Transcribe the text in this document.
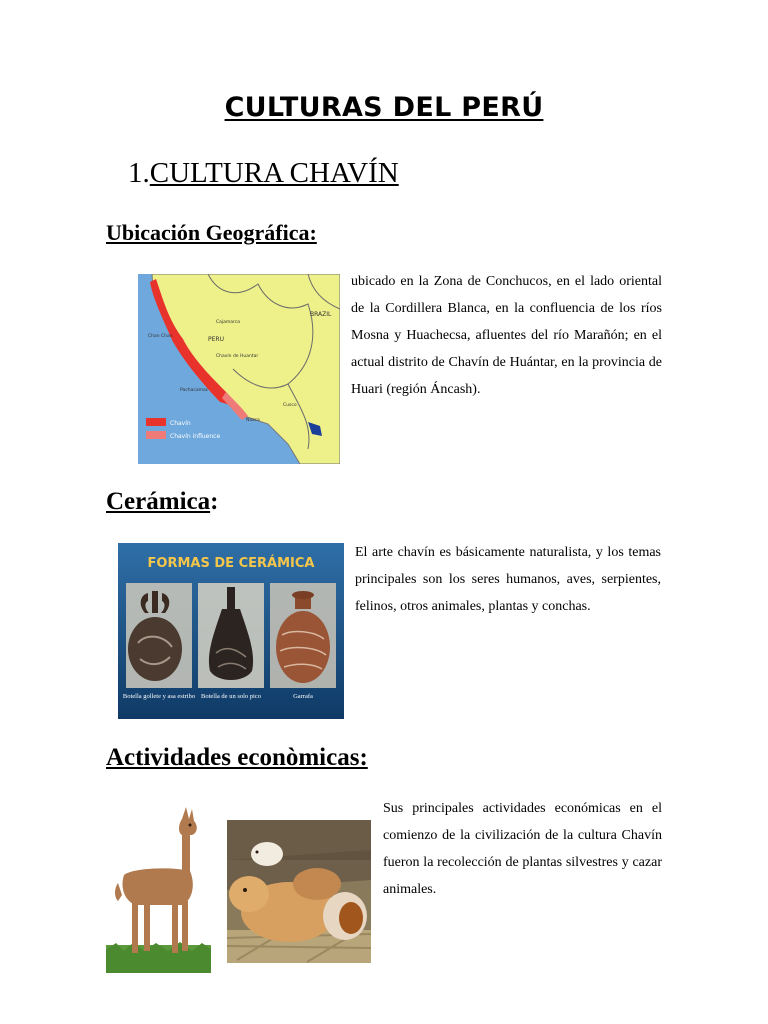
CULTURAS DEL PERÚ
1.CULTURA CHAVÍN
Ubicación Geográfica:
BRAZIL
PERU
Cajamarca
Chan Chan
Chavín de Huantar
Pachacamac
Nazca
Cusco
Chavín
Chavín influence
ubicado en la Zona de Conchucos, en el lado oriental de la Cordillera Blanca, en la confluencia de los ríos Mosna y Huachecsa, afluentes del río Marañón; en el actual distrito de Chavín de Huántar, en la provincia de Huari (región Áncash).
Cerámica:
FORMAS DE CERÁMICA
Botella gollete y asa estribo Botella de un solo pico	Garrafa
El arte chavín es básicamente naturalista, y los temas principales son los seres humanos, aves, serpientes, felinos, otros animales, plantas y conchas.
Actividades econòmicas:
Sus principales actividades económicas en el comienzo de la civilización de la cultura Chavín fueron la recolección de plantas silvestres y cazar animales.
